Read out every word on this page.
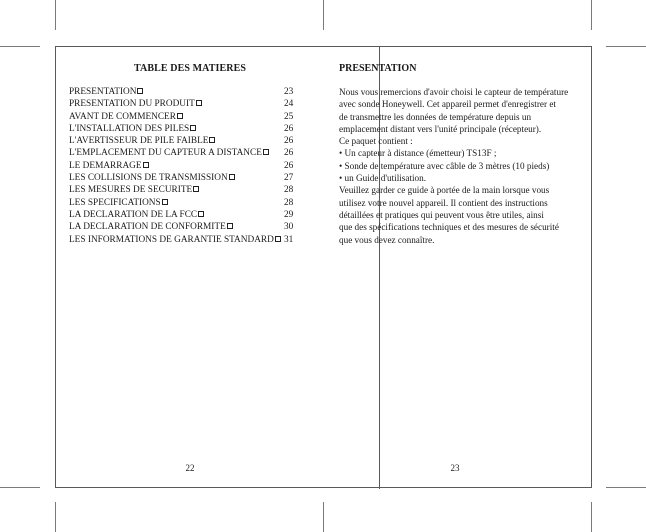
TABLE DES MATIERES
PRESENTATION	23
PRESENTATION DU PRODUIT	24
AVANT DE COMMENCER	25
L'INSTALLATION DES PILES	26
L'AVERTISSEUR DE PILE FAIBLE	26
L'EMPLACEMENT DU CAPTEUR A DISTANCE	26
LE DEMARRAGE	26
LES COLLISIONS DE TRANSMISSION	27
LES MESURES DE SECURITE	28
LES SPECIFICATIONS	28
LA DECLARATION DE LA FCC	29
LA DECLARATION DE CONFORMITE	30
LES INFORMATIONS DE GARANTIE STANDARD	31
22
PRESENTATION
Nous vous remercions d'avoir choisi le capteur de température
avec sonde Honeywell. Cet appareil permet d'enregistrer et
de transmettre les données de température depuis un
emplacement distant vers l'unité principale (récepteur).
Ce paquet contient :
• Un capteur à distance (émetteur) TS13F ;
• Sonde de température avec câble de 3 mètres (10 pieds)
• un Guide d'utilisation.
Veuillez garder ce guide à portée de la main lorsque vous
utilisez votre nouvel appareil. Il contient des instructions
détaillées et pratiques qui peuvent vous être utiles, ainsi
que des spécifications techniques et des mesures de sécurité
que vous devez connaître.
23
